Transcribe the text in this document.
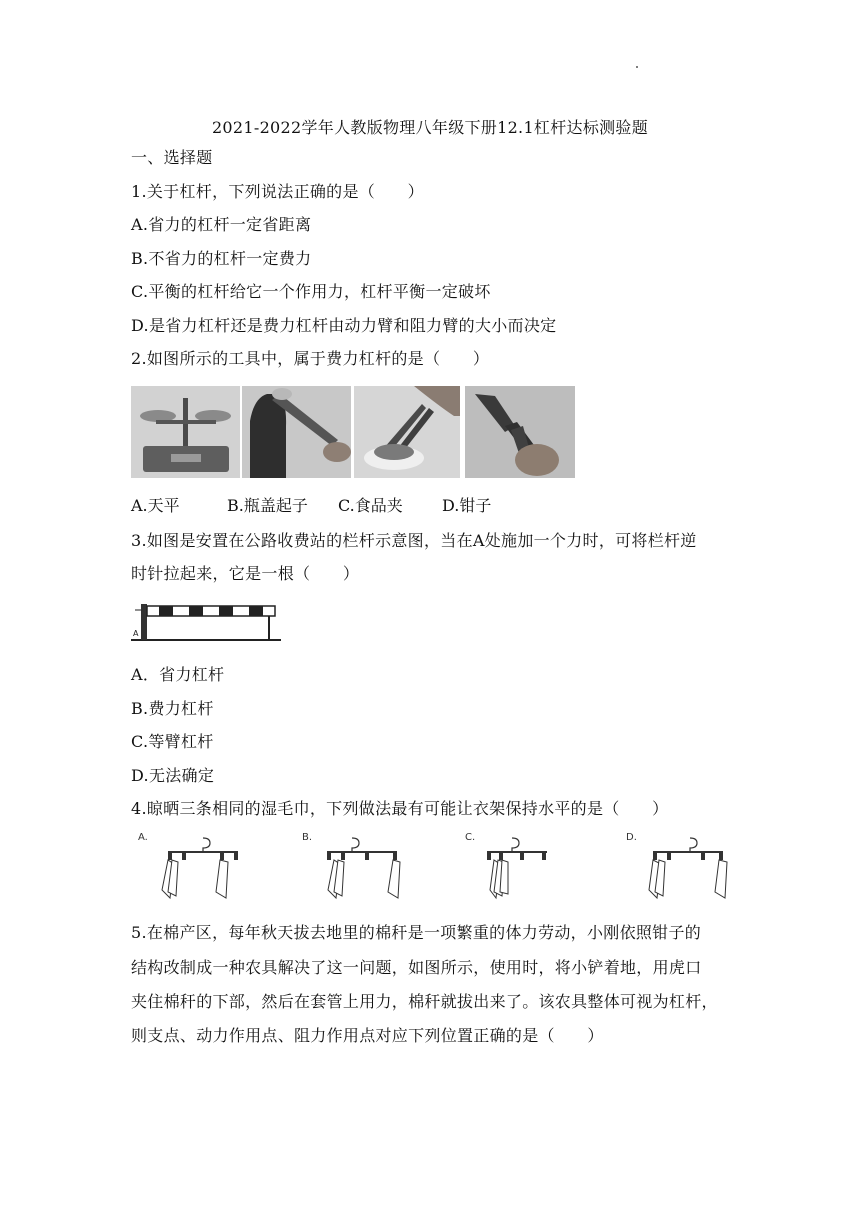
2021-2022学年人教版物理八年级下册12.1杠杆达标测验题
一、选择题
1.关于杠杆，下列说法正确的是（　　）
A.省力的杠杆一定省距离
B.不省力的杠杆一定费力
C.平衡的杠杆给它一个作用力，杠杆平衡一定破坏
D.是省力杠杆还是费力杠杆由动力臂和阻力臂的大小而决定
2.如图所示的工具中，属于费力杠杆的是（　　）
A.天平	B.瓶盖起子 C.食品夹 D.钳子
3.如图是安置在公路收费站的栏杆示意图，当在A处施加一个力时，可将栏杆逆
时针拉起来，它是一根（　　）
A
A．省力杠杆
B.费力杠杆
C.等臂杠杆
D.无法确定
4.晾晒三条相同的湿毛巾，下列做法最有可能让衣架保持水平的是（　　）
A.	B.	C.	D.
5.在棉产区，每年秋天拔去地里的棉秆是一项繁重的体力劳动，小刚依照钳子的
结构改制成一种农具解决了这一问题，如图所示，使用时，将小铲着地，用虎口
夹住棉秆的下部，然后在套管上用力，棉秆就拔出来了。该农具整体可视为杠杆，
则支点、动力作用点、阻力作用点对应下列位置正确的是（　　）
